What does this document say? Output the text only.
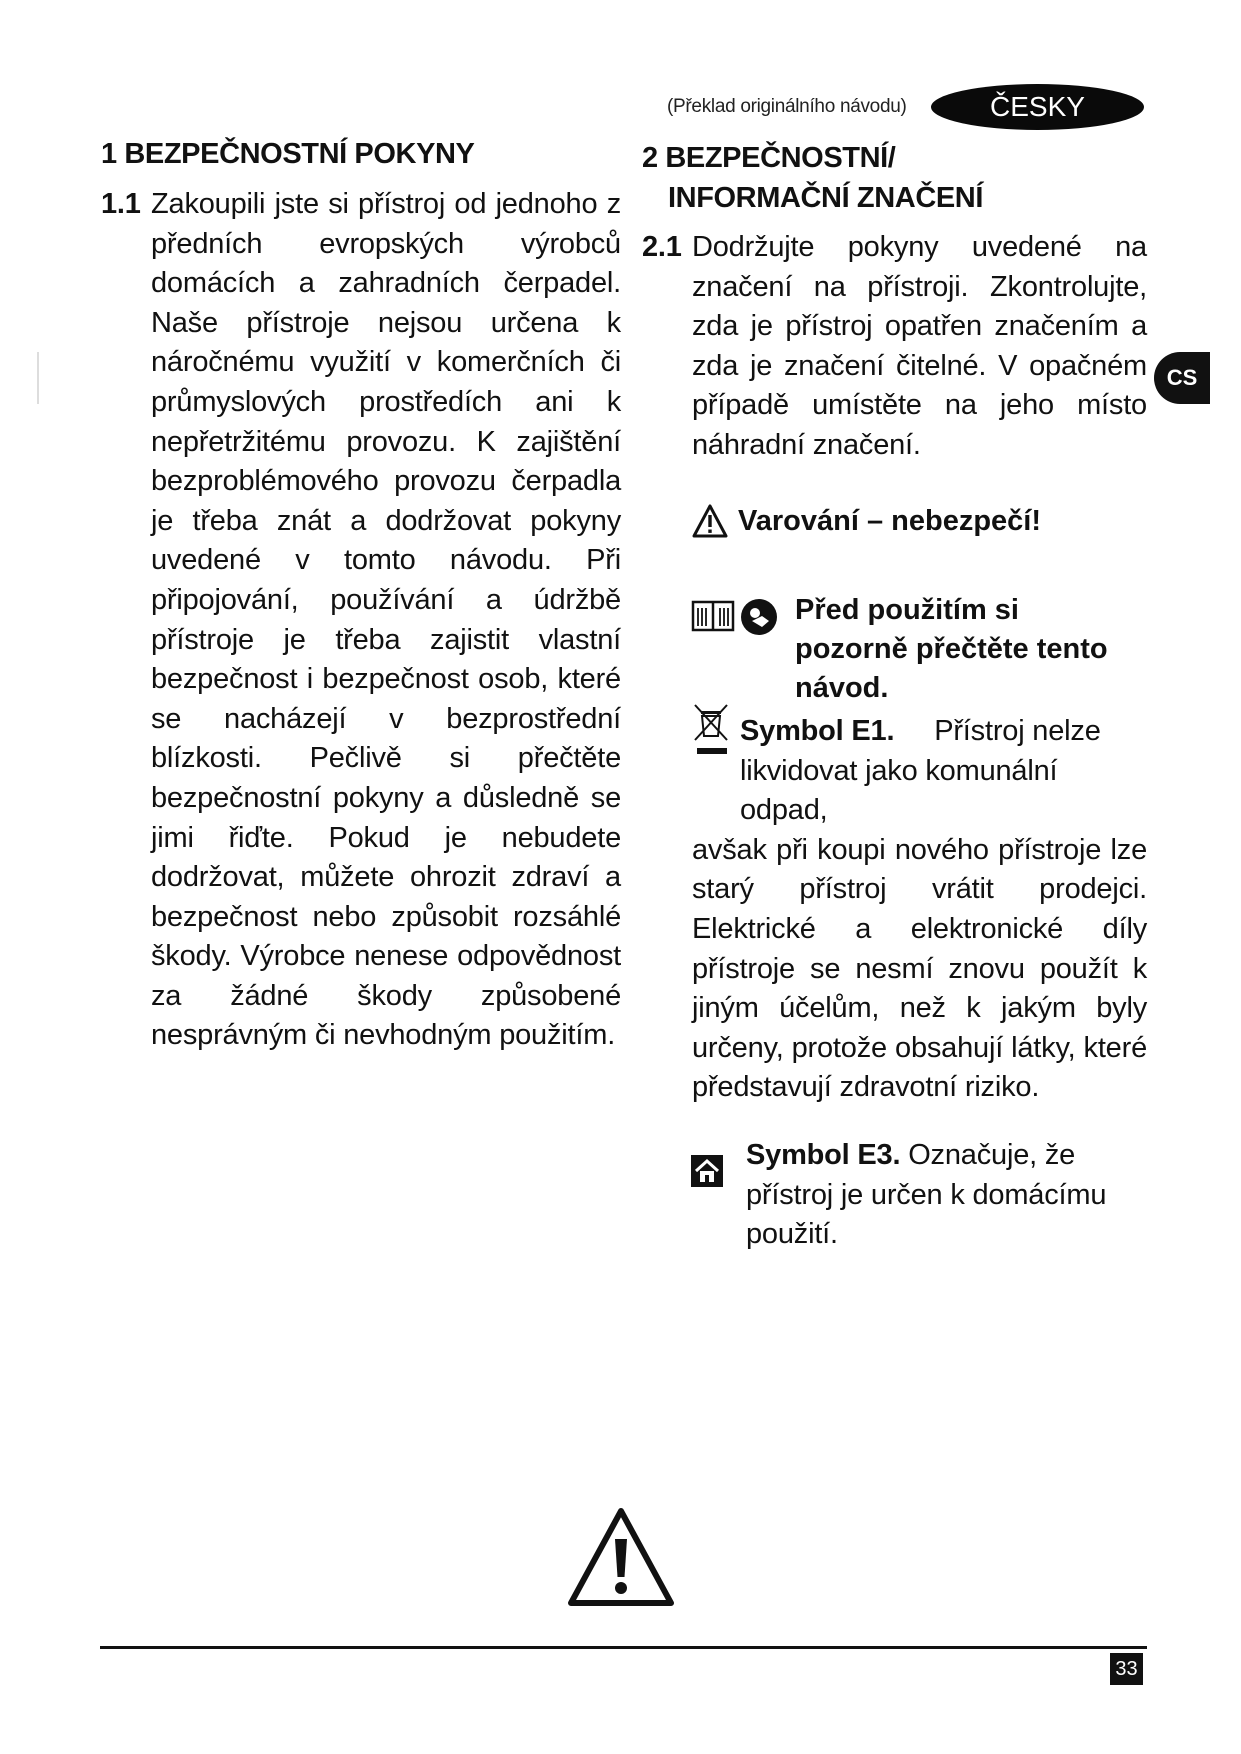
(Překlad originálního návodu)	ČESKY
CS
1 BEZPEČNOSTNÍ POKYNY
1.1 Zakoupili jste si přístroj od jednoho z předních evropských výrobců domácích a zahradních čerpadel. Naše přístroje nejsou určena k náročnému využití v komerčních či průmyslových prostředích ani k nepřetržitému provozu. K zajištění bezproblémového provozu čerpadla je třeba znát a dodržovat pokyny uvedené v tomto návodu. Při připojování, používání a údržbě přístroje je třeba zajistit vlastní bezpečnost i bezpečnost osob, které se nacházejí v bezprostřední blízkosti. Pečlivě si přečtěte bezpečnostní pokyny a důsledně se jimi řiďte. Pokud je nebudete dodržovat, můžete ohrozit zdraví a bezpečnost nebo způsobit rozsáhlé škody. Výrobce nenese odpovědnost za žádné škody způsobené nesprávným či nevhodným použitím.
2 BEZPEČNOSTNÍ/
INFORMAČNÍ ZNAČENÍ
2.1 Dodržujte pokyny uvedené na značení na přístroji. Zkontrolujte, zda je přístroj opatřen značením a zda je značení čitelné. V opačném případě umístěte na jeho místo náhradní značení.
Varování – nebezpečí!
Před použitím si pozorně přečtěte tento návod.
Symbol E1. Přístroj nelze likvidovat jako komunální odpad,
avšak při koupi nového přístroje lze starý přístroj vrátit prodejci. Elektrické a elektronické díly přístroje se nesmí znovu použít k jiným účelům, než k jakým byly určeny, protože obsahují látky, které představují zdravotní riziko.
Symbol E3. Označuje, že přístroj je určen k domácímu použití.
33
